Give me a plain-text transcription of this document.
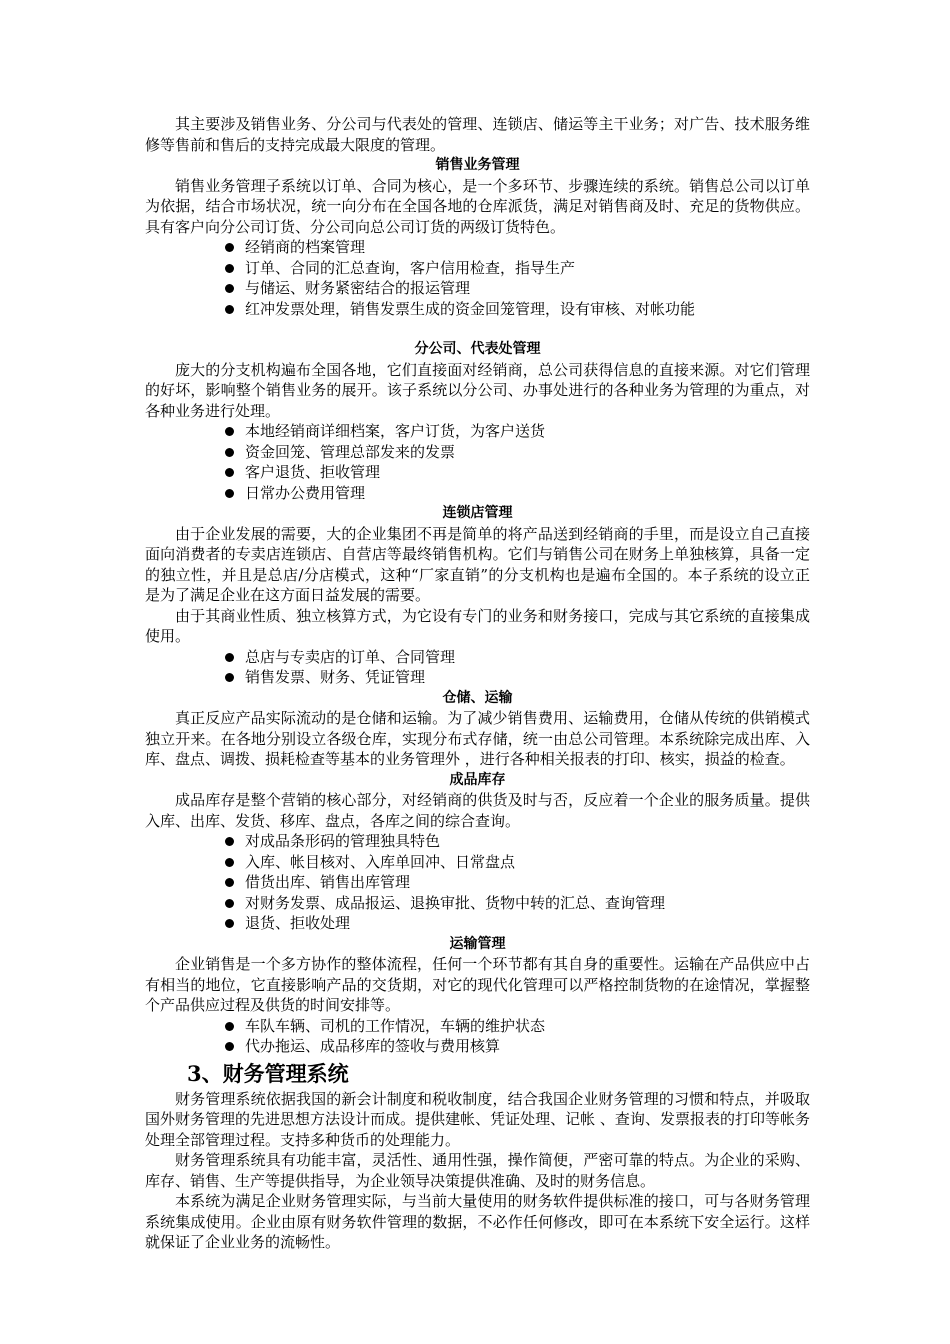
其主要涉及销售业务、分公司与代表处的管理、连锁店、储运等主干业务；对广告、技术服务维修等售前和售后的支持完成最大限度的管理。

销售业务管理

销售业务管理子系统以订单、合同为核心，是一个多环节、步骤连续的系统。销售总公司以订单为依据，结合市场状况，统一向分布在全国各地的仓库派货，满足对销售商及时、充足的货物供应。具有客户向分公司订货、分公司向总公司订货的两级订货特色。

经销商的档案管理
订单、合同的汇总查询，客户信用检查，指导生产
与储运、财务紧密结合的报运管理
红冲发票处理，销售发票生成的资金回笼管理，设有审核、对帐功能

分公司、代表处管理

庞大的分支机构遍布全国各地，它们直接面对经销商，总公司获得信息的直接来源。对它们管理的好坏，影响整个销售业务的展开。该子系统以分公司、办事处进行的各种业务为管理的为重点，对各种业务进行处理。

本地经销商详细档案，客户订货，为客户送货
资金回笼、管理总部发来的发票
客户退货、拒收管理
日常办公费用管理

连锁店管理

由于企业发展的需要，大的企业集团不再是简单的将产品送到经销商的手里，而是设立自己直接面向消费者的专卖店连锁店、自营店等最终销售机构。它们与销售公司在财务上单独核算，具备一定的独立性，并且是总店/分店模式，这种“厂家直销”的分支机构也是遍布全国的。本子系统的设立正是为了满足企业在这方面日益发展的需要。

由于其商业性质、独立核算方式，为它设有专门的业务和财务接口，完成与其它系统的直接集成使用。

总店与专卖店的订单、合同管理
销售发票、财务、凭证管理

仓储、运输

真正反应产品实际流动的是仓储和运输。为了减少销售费用、运输费用，仓储从传统的供销模式独立开来。在各地分别设立各级仓库，实现分布式存储，统一由总公司管理。本系统除完成出库、入库、盘点、调拨、损耗检查等基本的业务管理外 ，进行各种相关报表的打印、核实，损益的检查。

成品库存

成品库存是整个营销的核心部分，对经销商的供货及时与否，反应着一个企业的服务质量。提供入库、出库、发货、移库、盘点，各库之间的综合查询。

对成品条形码的管理独具特色
入库、帐目核对、入库单回冲、日常盘点
借货出库、销售出库管理
对财务发票、成品报运、退换审批、货物中转的汇总、查询管理
退货、拒收处理

运输管理

企业销售是一个多方协作的整体流程，任何一个环节都有其自身的重要性。运输在产品供应中占有相当的地位，它直接影响产品的交货期，对它的现代化管理可以严格控制货物的在途情况，掌握整个产品供应过程及供货的时间安排等。

车队车辆、司机的工作情况，车辆的维护状态
代办拖运、成品移库的签收与费用核算

3、财务管理系统

财务管理系统依据我国的新会计制度和税收制度，结合我国企业财务管理的习惯和特点，并吸取国外财务管理的先进思想方法设计而成。提供建帐、凭证处理、记帐 、查询、发票报表的打印等帐务处理全部管理过程。支持多种货币的处理能力。

财务管理系统具有功能丰富，灵活性、通用性强，操作简便，严密可靠的特点。为企业的采购、库存、销售、生产等提供指导，为企业领导决策提供准确、及时的财务信息。

本系统为满足企业财务管理实际，与当前大量使用的财务软件提供标准的接口，可与各财务管理系统集成使用。企业由原有财务软件管理的数据，不必作任何修改，即可在本系统下安全运行。这样就保证了企业业务的流畅性。
